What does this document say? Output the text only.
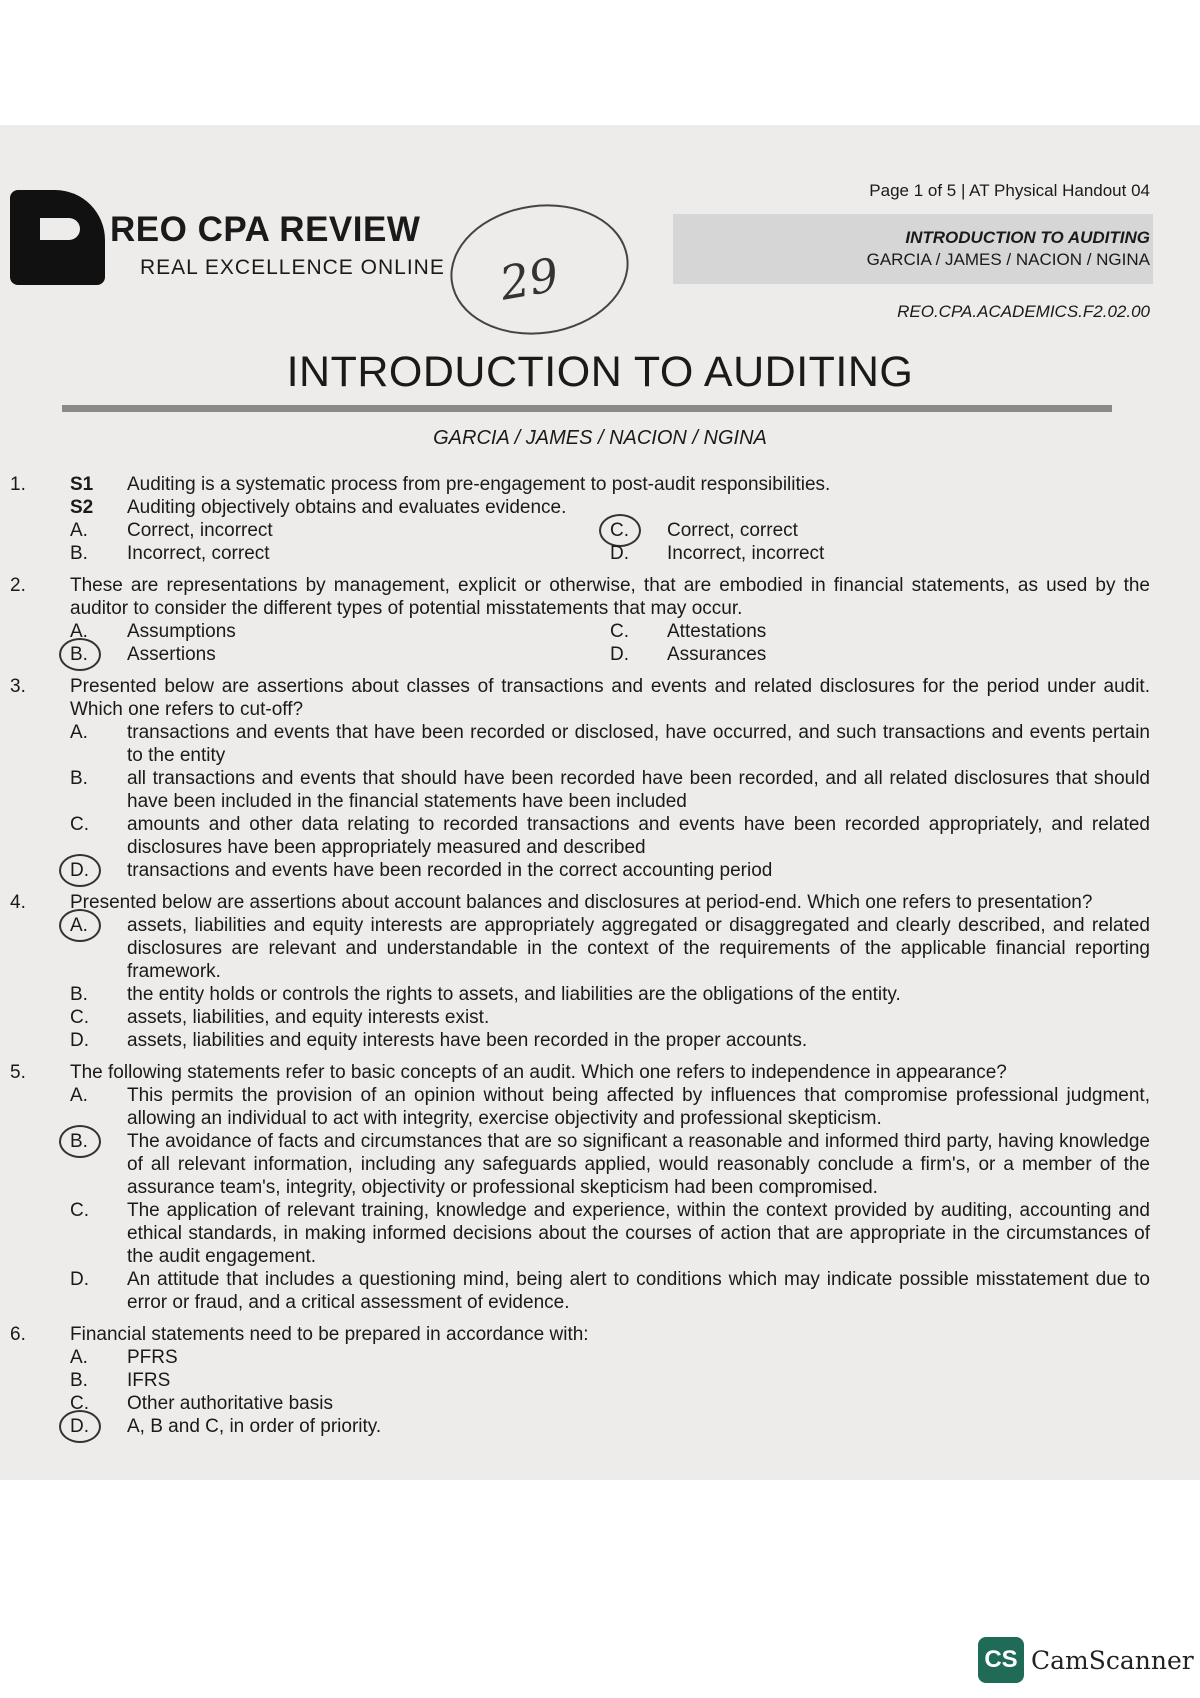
REO CPA REVIEW
REAL EXCELLENCE ONLINE
Page 1 of 5 | AT Physical Handout 04
INTRODUCTION TO AUDITING
GARCIA / JAMES / NACION / NGINA
REO.CPA.ACADEMICS.F2.02.00
29
INTRODUCTION TO AUDITING
GARCIA / JAMES / NACION / NGINA
1.	S1	Auditing is a systematic process from pre-engagement to post-audit responsibilities.
S2	Auditing objectively obtains and evaluates evidence.
A.	Correct, incorrect	C.	Correct, correct
B.	Incorrect, correct	D.	Incorrect, incorrect
2.	These are representations by management, explicit or otherwise, that are embodied in financial statements, as used by the auditor to consider the different types of potential misstatements that may occur.
A.	Assumptions	C.	Attestations
B.	Assertions	D.	Assurances
3.	Presented below are assertions about classes of transactions and events and related disclosures for the period under audit. Which one refers to cut-off?
A.	transactions and events that have been recorded or disclosed, have occurred, and such transactions and events pertain to the entity
B.	all transactions and events that should have been recorded have been recorded, and all related disclosures that should have been included in the financial statements have been included
C.	amounts and other data relating to recorded transactions and events have been recorded appropriately, and related disclosures have been appropriately measured and described
D.	transactions and events have been recorded in the correct accounting period
4.	Presented below are assertions about account balances and disclosures at period-end. Which one refers to presentation?
A.	assets, liabilities and equity interests are appropriately aggregated or disaggregated and clearly described, and related disclosures are relevant and understandable in the context of the requirements of the applicable financial reporting framework.
B.	the entity holds or controls the rights to assets, and liabilities are the obligations of the entity.
C.	assets, liabilities, and equity interests exist.
D.	assets, liabilities and equity interests have been recorded in the proper accounts.
5.	The following statements refer to basic concepts of an audit. Which one refers to independence in appearance?
A.	This permits the provision of an opinion without being affected by influences that compromise professional judgment, allowing an individual to act with integrity, exercise objectivity and professional skepticism.
B.	The avoidance of facts and circumstances that are so significant a reasonable and informed third party, having knowledge of all relevant information, including any safeguards applied, would reasonably conclude a firm's, or a member of the assurance team's, integrity, objectivity or professional skepticism had been compromised.
C.	The application of relevant training, knowledge and experience, within the context provided by auditing, accounting and ethical standards, in making informed decisions about the courses of action that are appropriate in the circumstances of the audit engagement.
D.	An attitude that includes a questioning mind, being alert to conditions which may indicate possible misstatement due to error or fraud, and a critical assessment of evidence.
6.	Financial statements need to be prepared in accordance with:
A.	PFRS
B.	IFRS
C.	Other authoritative basis
D.	A, B and C, in order of priority.
CS CamScanner
